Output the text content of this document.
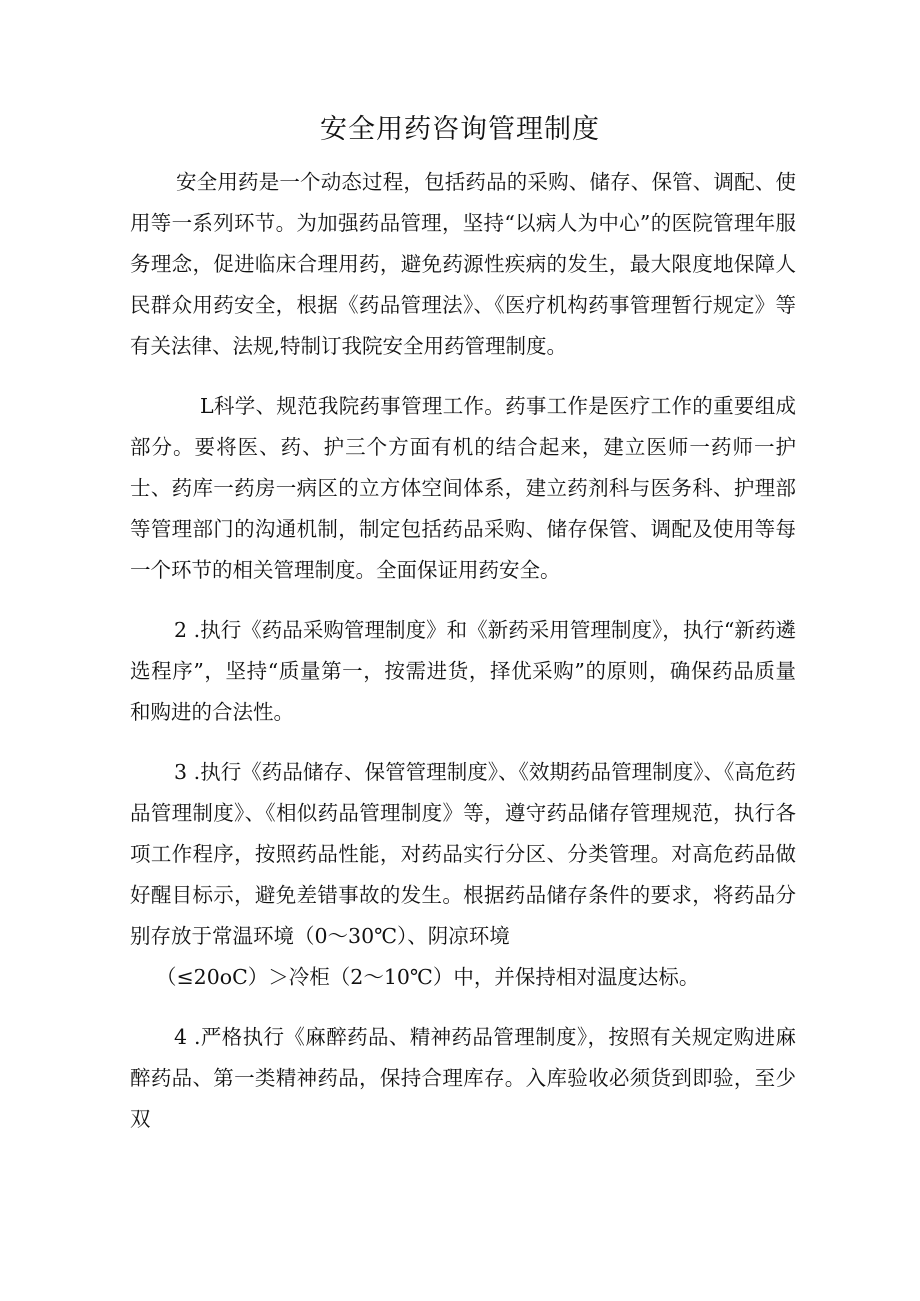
安全用药咨询管理制度

安全用药是一个动态过程，包括药品的采购、储存、保管、调配、使用等一系列环节。为加强药品管理，坚持“以病人为中心”的医院管理年服务理念，促进临床合理用药，避免药源性疾病的发生，最大限度地保障人民群众用药安全，根据《药品管理法》、《医疗机构药事管理暂行规定》等有关法律、法规,特制订我院安全用药管理制度。

L科学、规范我院药事管理工作。药事工作是医疗工作的重要组成部分。要将医、药、护三个方面有机的结合起来，建立医师一药师一护士、药库一药房一病区的立方体空间体系，建立药剂科与医务科、护理部等管理部门的沟通机制，制定包括药品采购、储存保管、调配及使用等每一个环节的相关管理制度。全面保证用药安全。

2 .执行《药品采购管理制度》和《新药采用管理制度》，执行“新药遴选程序”，坚持“质量第一，按需进货，择优采购”的原则，确保药品质量和购进的合法性。

3 .执行《药品储存、保管管理制度》、《效期药品管理制度》、《高危药品管理制度》、《相似药品管理制度》等，遵守药品储存管理规范，执行各项工作程序，按照药品性能，对药品实行分区、分类管理。对高危药品做好醒目标示，避免差错事故的发生。根据药品储存条件的要求，将药品分别存放于常温环境（0〜30℃）、阴凉环境

（≤20oC）＞冷柜（2〜10℃）中，并保持相对温度达标。

4 .严格执行《麻醉药品、精神药品管理制度》，按照有关规定购进麻醉药品、第一类精神药品，保持合理库存。入库验收必须货到即验，至少双
